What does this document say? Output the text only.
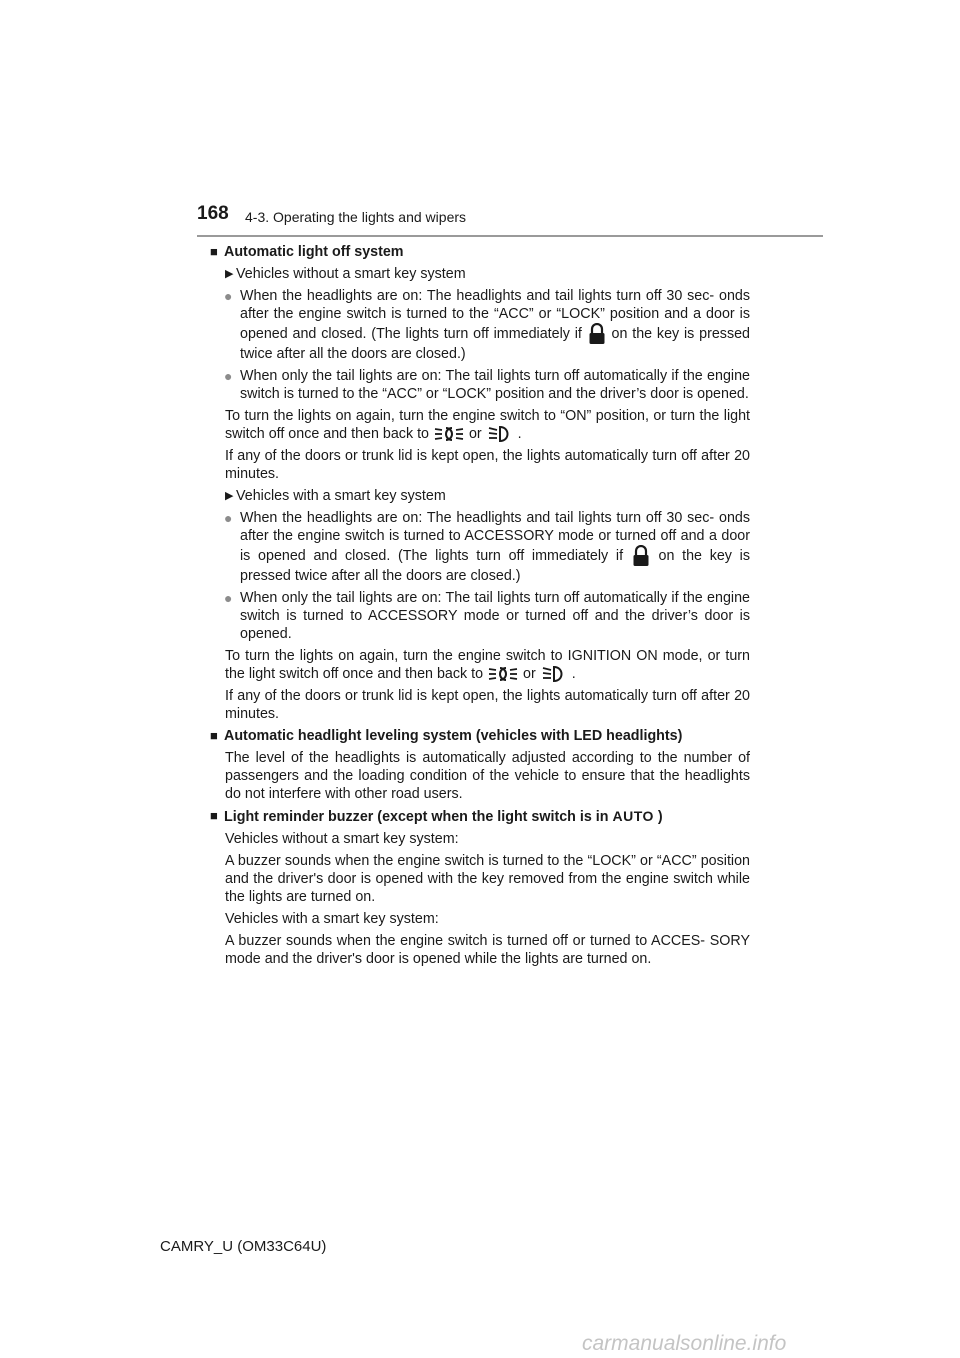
168 4-3. Operating the lights and wipers
■ Automatic light off system
▶ Vehicles without a smart key system
● When the headlights are on: The headlights and tail lights turn off 30 sec- onds after the engine switch is turned to the “ACC” or “LOCK” position and a door is opened and closed. (The lights turn off immediately if on the key is pressed twice after all the doors are closed.)
● When only the tail lights are on: The tail lights turn off automatically if the engine switch is turned to the “ACC” or “LOCK” position and the driver’s door is opened.
To turn the lights on again, turn the engine switch to “ON” position, or turn the light switch off once and then back to	or	.
If any of the doors or trunk lid is kept open, the lights automatically turn off after 20 minutes.
▶ Vehicles with a smart key system
● When the headlights are on: The headlights and tail lights turn off 30 sec- onds after the engine switch is turned to ACCESSORY mode or turned off and a door is opened and closed. (The lights turn off immediately if on the key is pressed twice after all the doors are closed.)
● When only the tail lights are on: The tail lights turn off automatically if the engine switch is turned to ACCESSORY mode or turned off and the driver’s door is opened.
To turn the lights on again, turn the engine switch to IGNITION ON mode, or turn the light switch off once and then back to	or	.
If any of the doors or trunk lid is kept open, the lights automatically turn off after 20 minutes.
■ Automatic headlight leveling system (vehicles with LED headlights)
The level of the headlights is automatically adjusted according to the number of passengers and the loading condition of the vehicle to ensure that the headlights do not interfere with other road users.
■ Light reminder buzzer (except when the light switch is in AUTO )
Vehicles without a smart key system:
A buzzer sounds when the engine switch is turned to the “LOCK” or “ACC” position and the driver's door is opened with the key removed from the engine switch while the lights are turned on.
Vehicles with a smart key system:
A buzzer sounds when the engine switch is turned off or turned to ACCES- SORY mode and the driver's door is opened while the lights are turned on.
CAMRY_U (OM33C64U)
carmanualsonline.info
